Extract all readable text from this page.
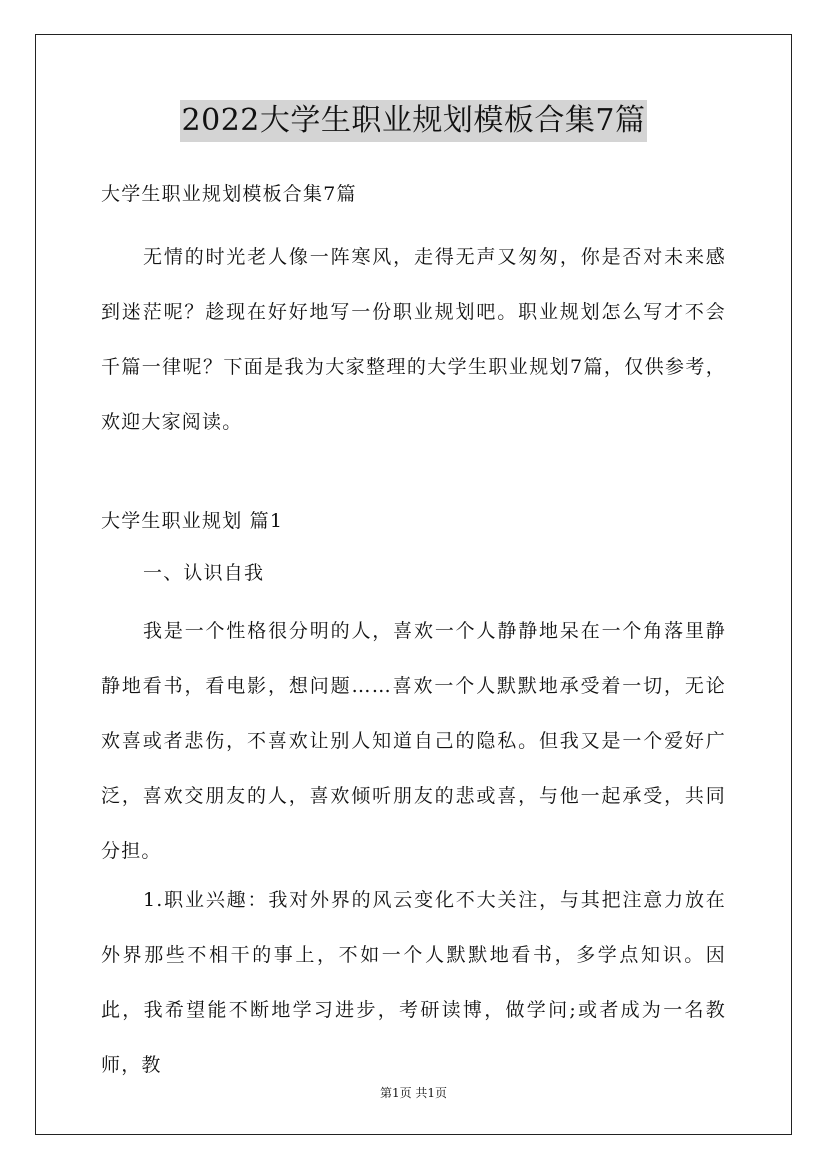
2022大学生职业规划模板合集7篇
大学生职业规划模板合集7篇
无情的时光老人像一阵寒风，走得无声又匆匆，你是否对未来感到迷茫呢？趁现在好好地写一份职业规划吧。职业规划怎么写才不会千篇一律呢？下面是我为大家整理的大学生职业规划7篇，仅供参考，欢迎大家阅读。
大学生职业规划 篇1
一、认识自我
我是一个性格很分明的人，喜欢一个人静静地呆在一个角落里静静地看书，看电影，想问题……喜欢一个人默默地承受着一切，无论欢喜或者悲伤，不喜欢让别人知道自己的隐私。但我又是一个爱好广泛，喜欢交朋友的人，喜欢倾听朋友的悲或喜，与他一起承受，共同分担。
1.职业兴趣：我对外界的风云变化不大关注，与其把注意力放在外界那些不相干的事上，不如一个人默默地看书，多学点知识。因此，我希望能不断地学习进步，考研读博，做学问;或者成为一名教师，教
第1页 共1页
